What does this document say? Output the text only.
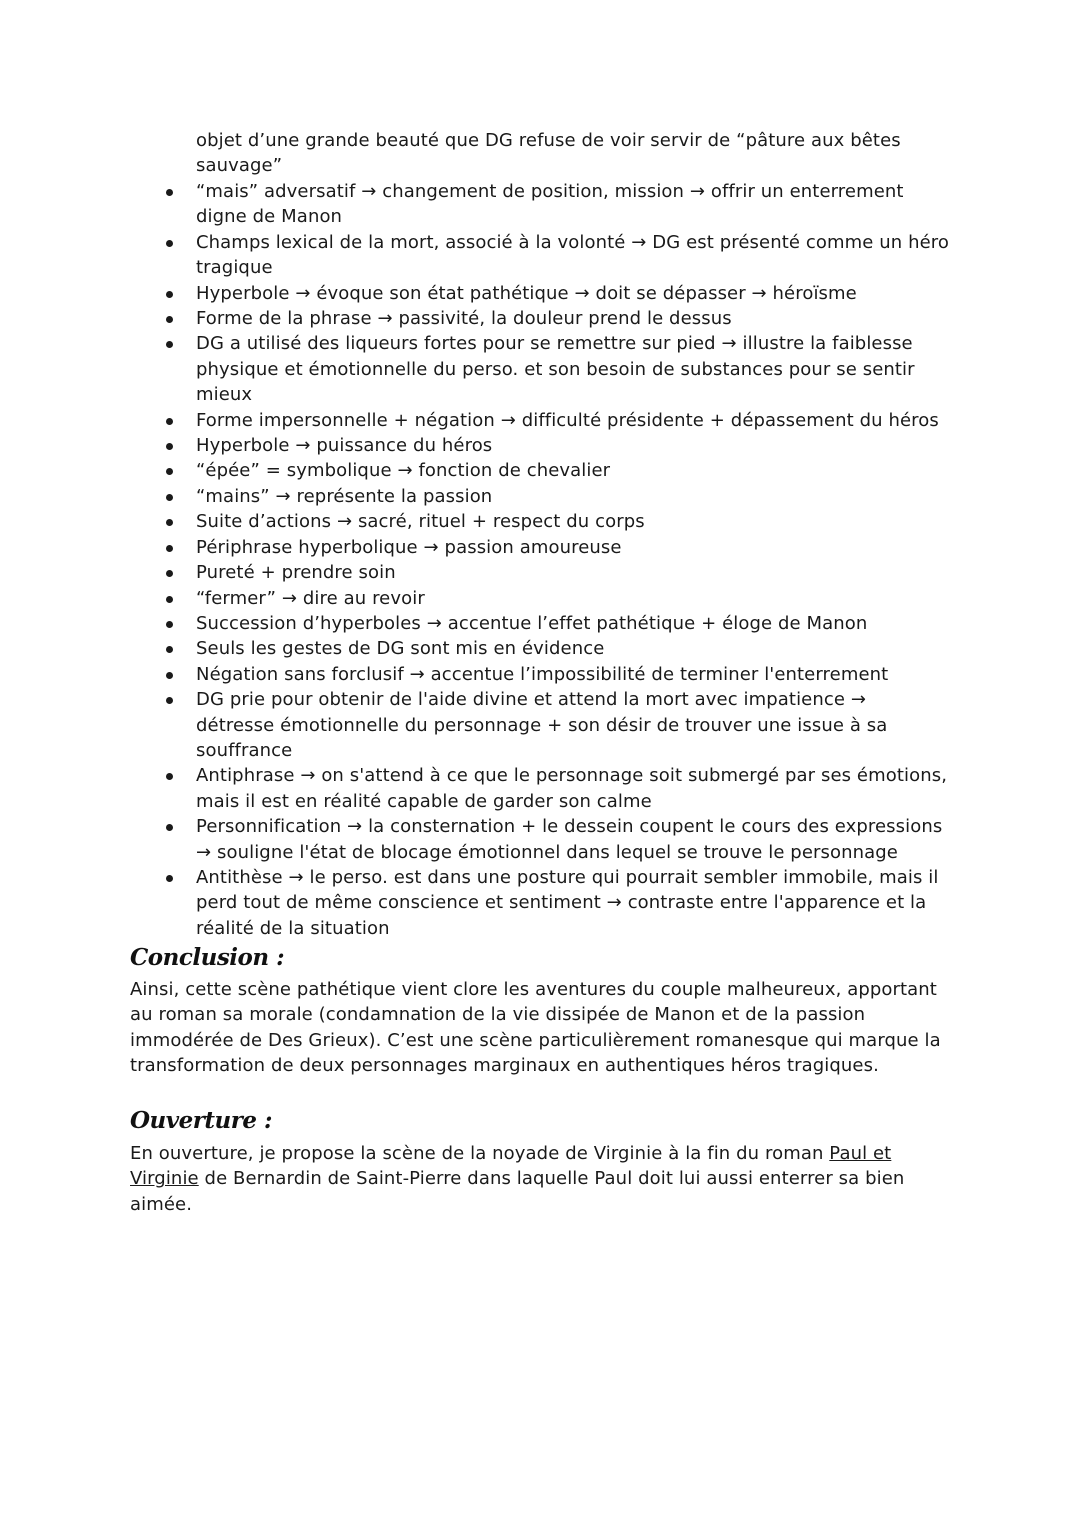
objet d’une grande beauté que DG refuse de voir servir de “pâture aux bêtes sauvage”
“mais” adversatif → changement de position, mission → offrir un enterrement digne de Manon
Champs lexical de la mort, associé à la volonté → DG est présenté comme un héro tragique
Hyperbole → évoque son état pathétique → doit se dépasser → héroïsme
Forme de la phrase → passivité, la douleur prend le dessus
DG a utilisé des liqueurs fortes pour se remettre sur pied → illustre la faiblesse physique et émotionnelle du perso. et son besoin de substances pour se sentir mieux
Forme impersonnelle + négation → difficulté présidente + dépassement du héros
Hyperbole → puissance du héros
“épée” = symbolique → fonction de chevalier
“mains” → représente la passion
Suite d’actions → sacré, rituel + respect du corps
Périphrase hyperbolique → passion amoureuse
Pureté + prendre soin
“fermer” → dire au revoir
Succession d’hyperboles → accentue l’effet pathétique + éloge de Manon
Seuls les gestes de DG sont mis en évidence
Négation sans forclusif → accentue l’impossibilité de terminer l'enterrement
DG prie pour obtenir de l'aide divine et attend la mort avec impatience → détresse émotionnelle du personnage + son désir de trouver une issue à sa souffrance
Antiphrase → on s'attend à ce que le personnage soit submergé par ses émotions, mais il est en réalité capable de garder son calme
Personnification → la consternation + le dessein coupent le cours des expressions → souligne l'état de blocage émotionnel dans lequel se trouve le personnage
Antithèse → le perso. est dans une posture qui pourrait sembler immobile, mais il perd tout de même conscience et sentiment → contraste entre l'apparence et la réalité de la situation
Conclusion :
Ainsi, cette scène pathétique vient clore les aventures du couple malheureux, apportant au roman sa morale (condamnation de la vie dissipée de Manon et de la passion immodérée de Des Grieux). C’est une scène particulièrement romanesque qui marque la transformation de deux personnages marginaux en authentiques héros tragiques.
Ouverture :
En ouverture, je propose la scène de la noyade de Virginie à la fin du roman Paul et Virginie de Bernardin de Saint-Pierre dans laquelle Paul doit lui aussi enterrer sa bien aimée.
